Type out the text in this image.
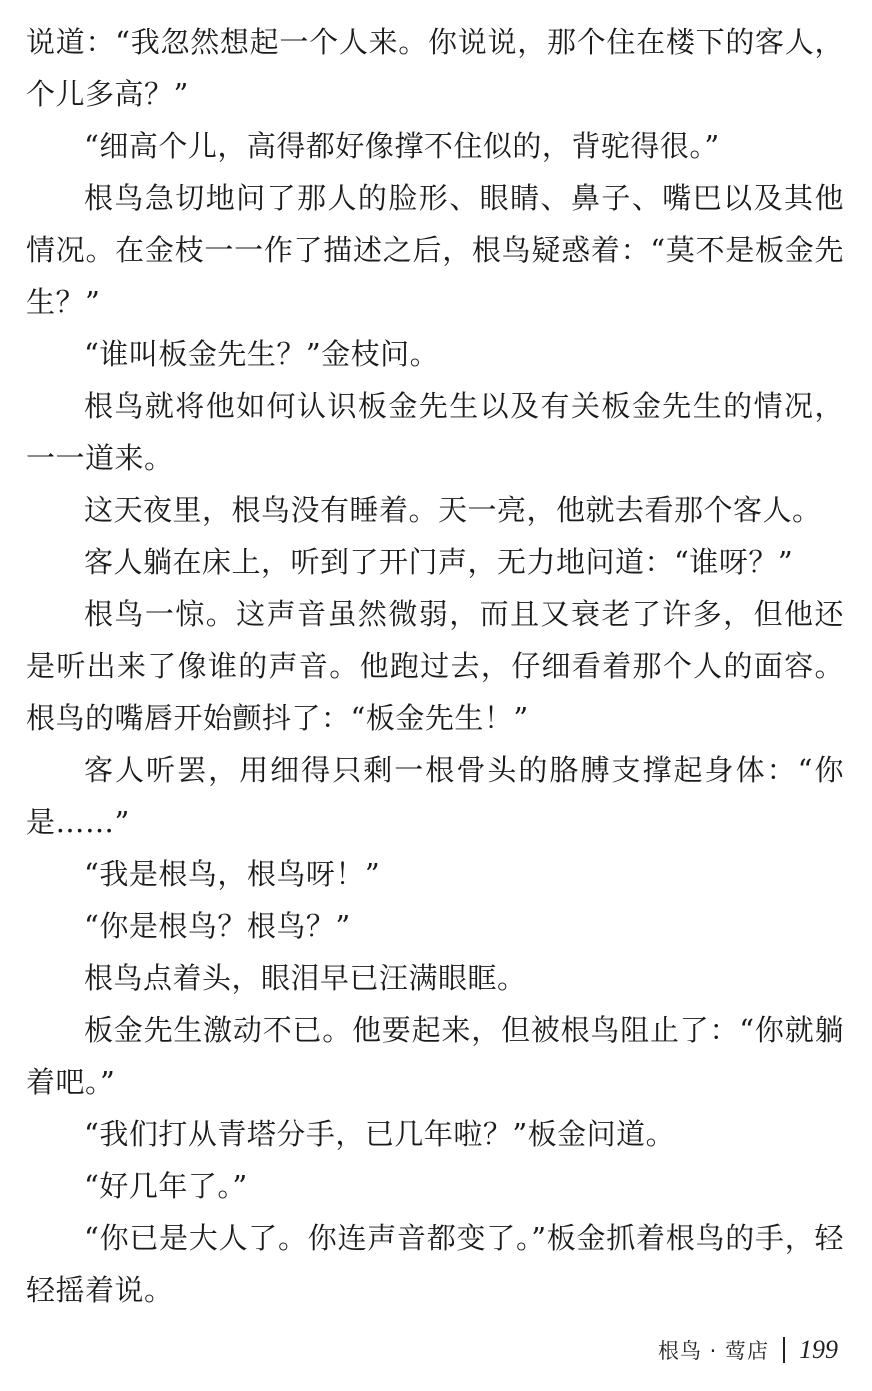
说道：“我忽然想起一个人来。你说说，那个住在楼下的客人，个儿多高？”

“细高个儿，高得都好像撑不住似的，背驼得很。”

根鸟急切地问了那人的脸形、眼睛、鼻子、嘴巴以及其他情况。在金枝一一作了描述之后，根鸟疑惑着：“莫不是板金先生？”

“谁叫板金先生？”金枝问。

根鸟就将他如何认识板金先生以及有关板金先生的情况，一一道来。

这天夜里，根鸟没有睡着。天一亮，他就去看那个客人。

客人躺在床上，听到了开门声，无力地问道：“谁呀？”

根鸟一惊。这声音虽然微弱，而且又衰老了许多，但他还是听出来了像谁的声音。他跑过去，仔细看着那个人的面容。根鸟的嘴唇开始颤抖了：“板金先生！”

客人听罢，用细得只剩一根骨头的胳膊支撑起身体：“你是……”

“我是根鸟，根鸟呀！”

“你是根鸟？根鸟？”

根鸟点着头，眼泪早已汪满眼眶。

板金先生激动不已。他要起来，但被根鸟阻止了：“你就躺着吧。”

“我们打从青塔分手，已几年啦？”板金问道。

“好几年了。”

“你已是大人了。你连声音都变了。”板金抓着根鸟的手，轻轻摇着说。

根鸟 · 莺店 199
